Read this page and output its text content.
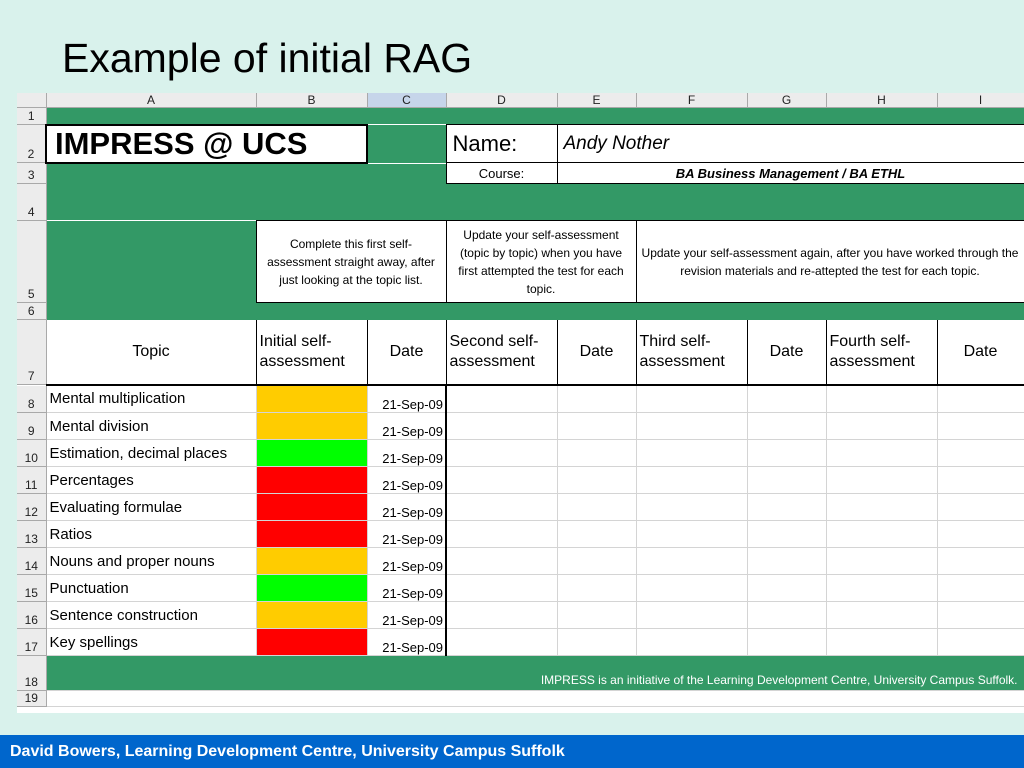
Example of initial RAG
	A	B	C	D	E	F	G	H	I
1									
2	IMPRESS @ UCS			Name:	Andy Nother				
3				Course:	BA Business Management / BA ETHL				
4									
5		Complete this first self-assessment straight away, after just looking at the topic list.		Update your self-assessment (topic by topic) when you have first attempted the test for each topic.		Update your self-assessment again, after you have worked through the revision materials and re-attepted the test for each topic.			
6									
7	Topic	Initial self-assessment	Date	Second self-assessment	Date	Third self-assessment	Date	Fourth self-assessment	Date
8	Mental multiplication		21-Sep-09						
9	Mental division		21-Sep-09						
10	Estimation, decimal places		21-Sep-09						
11	Percentages		21-Sep-09						
12	Evaluating formulae		21-Sep-09						
13	Ratios		21-Sep-09						
14	Nouns and proper nouns		21-Sep-09						
15	Punctuation		21-Sep-09						
16	Sentence construction		21-Sep-09						
17	Key spellings		21-Sep-09						
18	IMPRESS is an initiative of the Learning Development Centre, University Campus Suffolk.								
19									
David Bowers, Learning Development Centre, University Campus Suffolk
